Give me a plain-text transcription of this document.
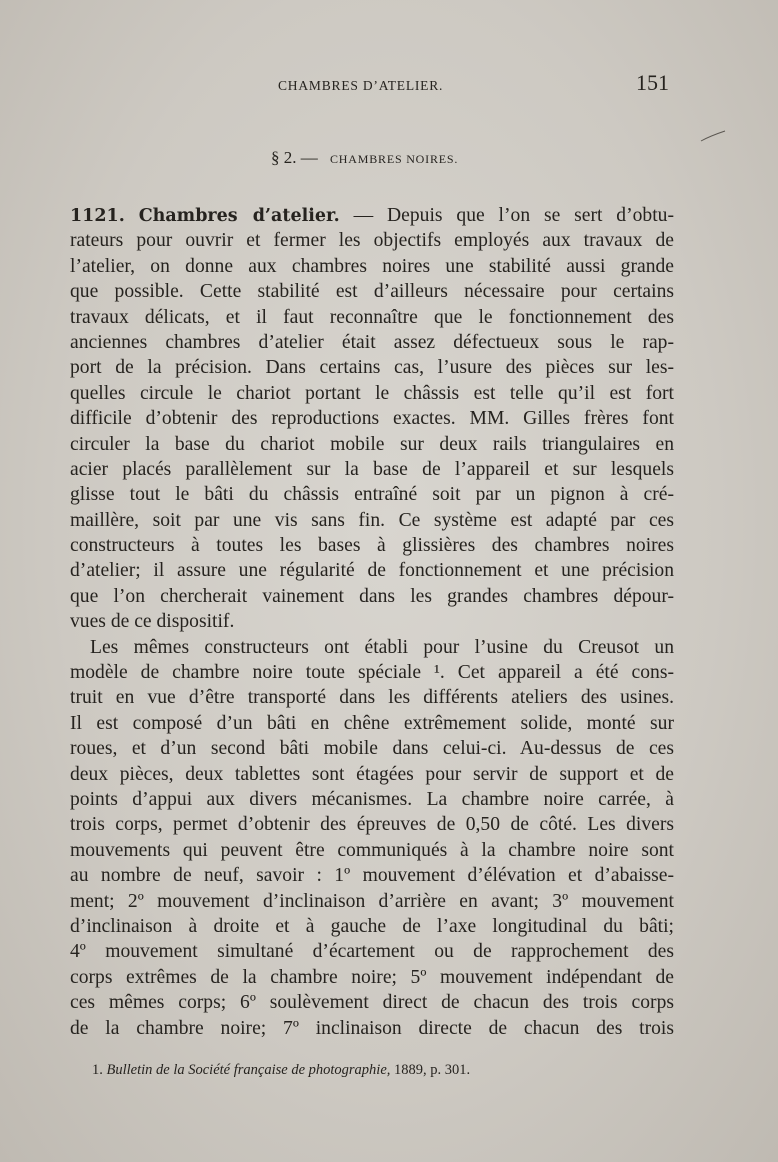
CHAMBRES D’ATELIER.	151
§ 2. — CHAMBRES NOIRES.
1121. Chambres d’atelier. — Depuis que l’on se sert d’obtu-
rateurs pour ouvrir et fermer les objectifs employés aux travaux de
l’atelier, on donne aux chambres noires une stabilité aussi grande
que possible. Cette stabilité est d’ailleurs nécessaire pour certains
travaux délicats, et il faut reconnaître que le fonctionnement des
anciennes chambres d’atelier était assez défectueux sous le rap-
port de la précision. Dans certains cas, l’usure des pièces sur les-
quelles circule le chariot portant le châssis est telle qu’il est fort
difficile d’obtenir des reproductions exactes. MM. Gilles frères font
circuler la base du chariot mobile sur deux rails triangulaires en
acier placés parallèlement sur la base de l’appareil et sur lesquels
glisse tout le bâti du châssis entraîné soit par un pignon à cré-
maillère, soit par une vis sans fin. Ce système est adapté par ces
constructeurs à toutes les bases à glissières des chambres noires
d’atelier; il assure une régularité de fonctionnement et une précision
que l’on chercherait vainement dans les grandes chambres dépour-
vues de ce dispositif.
Les mêmes constructeurs ont établi pour l’usine du Creusot un
modèle de chambre noire toute spéciale ¹. Cet appareil a été cons-
truit en vue d’être transporté dans les différents ateliers des usines.
Il est composé d’un bâti en chêne extrêmement solide, monté sur
roues, et d’un second bâti mobile dans celui-ci. Au-dessus de ces
deux pièces, deux tablettes sont étagées pour servir de support et de
points d’appui aux divers mécanismes. La chambre noire carrée, à
trois corps, permet d’obtenir des épreuves de 0,50 de côté. Les divers
mouvements qui peuvent être communiqués à la chambre noire sont
au nombre de neuf, savoir : 1º mouvement d’élévation et d’abaisse-
ment; 2º mouvement d’inclinaison d’arrière en avant; 3º mouvement
d’inclinaison à droite et à gauche de l’axe longitudinal du bâti;
4º mouvement simultané d’écartement ou de rapprochement des
corps extrêmes de la chambre noire; 5º mouvement indépendant de
ces mêmes corps; 6º soulèvement direct de chacun des trois corps
de la chambre noire; 7º inclinaison directe de chacun des trois
1. Bulletin de la Société française de photographie, 1889, p. 301.
